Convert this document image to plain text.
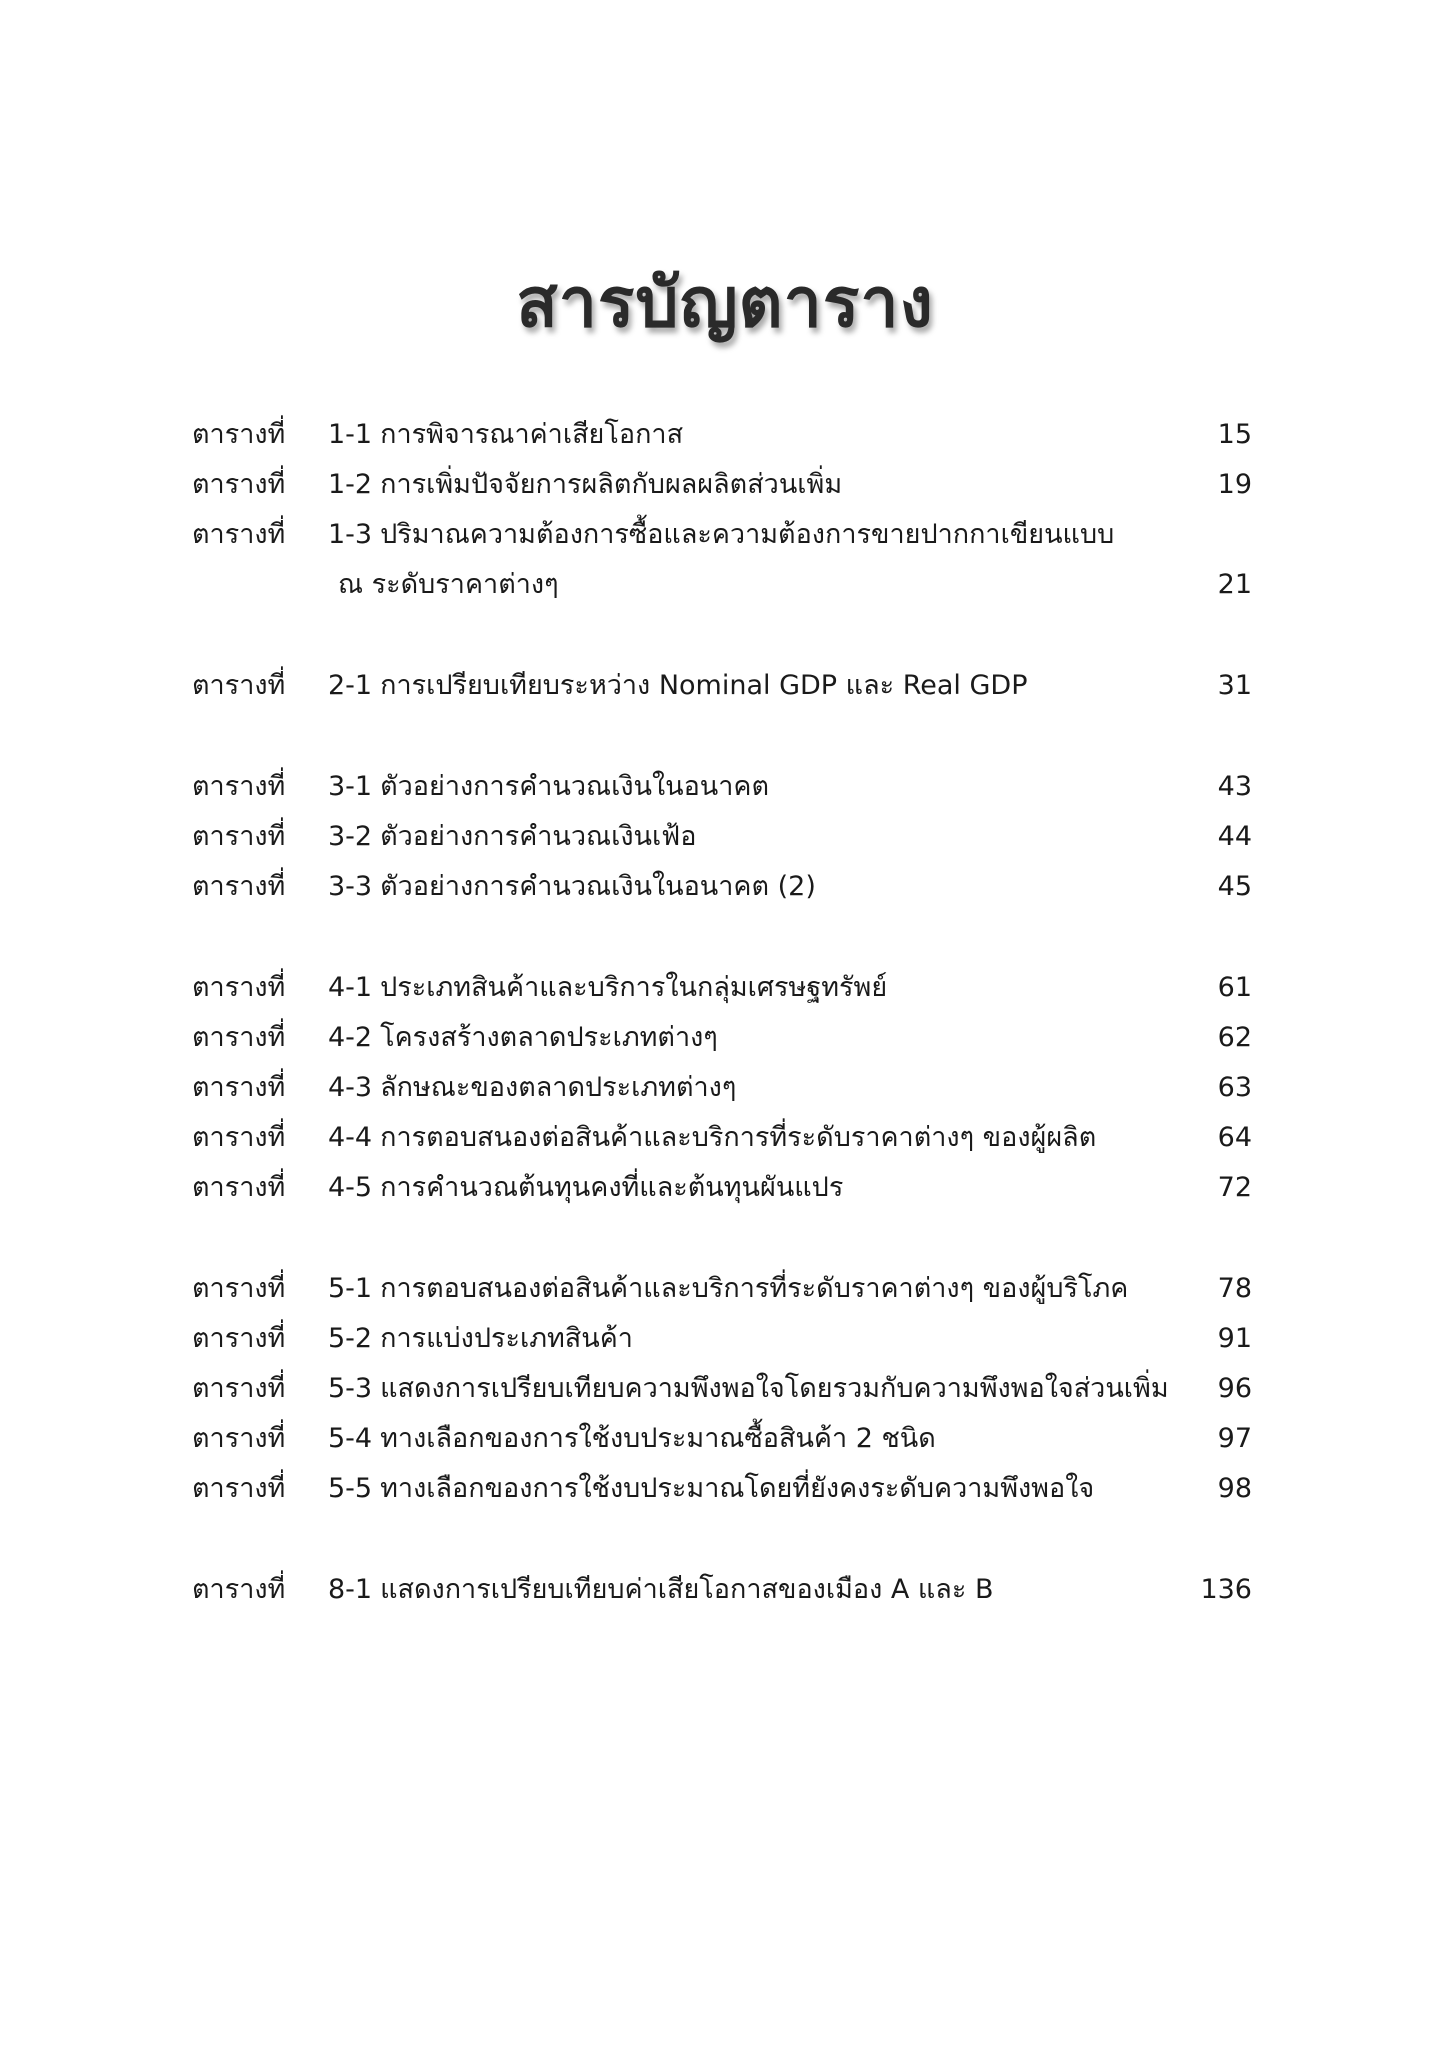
สารบัญตาราง
ตารางที่ 1-1 การพิจารณาค่าเสียโอกาส	15
ตารางที่ 1-2 การเพิ่มปัจจัยการผลิตกับผลผลิตส่วนเพิ่ม	19
ตารางที่ 1-3 ปริมาณความต้องการซื้อและความต้องการขายปากกาเขียนแบบ
ณ ระดับราคาต่างๆ	21
ตารางที่ 2-1 การเปรียบเทียบระหว่าง Nominal GDP และ Real GDP	31
ตารางที่ 3-1 ตัวอย่างการคำนวณเงินในอนาคต	43
ตารางที่ 3-2 ตัวอย่างการคำนวณเงินเฟ้อ	44
ตารางที่ 3-3 ตัวอย่างการคำนวณเงินในอนาคต (2)	45
ตารางที่ 4-1 ประเภทสินค้าและบริการในกลุ่มเศรษฐทรัพย์	61
ตารางที่ 4-2 โครงสร้างตลาดประเภทต่างๆ	62
ตารางที่ 4-3 ลักษณะของตลาดประเภทต่างๆ	63
ตารางที่ 4-4 การตอบสนองต่อสินค้าและบริการที่ระดับราคาต่างๆ ของผู้ผลิต	64
ตารางที่ 4-5 การคำนวณต้นทุนคงที่และต้นทุนผันแปร	72
ตารางที่ 5-1 การตอบสนองต่อสินค้าและบริการที่ระดับราคาต่างๆ ของผู้บริโภค	78
ตารางที่ 5-2 การแบ่งประเภทสินค้า	91
ตารางที่ 5-3 แสดงการเปรียบเทียบความพึงพอใจโดยรวมกับความพึงพอใจส่วนเพิ่ม 96
ตารางที่ 5-4 ทางเลือกของการใช้งบประมาณซื้อสินค้า 2 ชนิด	97
ตารางที่ 5-5 ทางเลือกของการใช้งบประมาณโดยที่ยังคงระดับความพึงพอใจ	98
ตารางที่ 8-1 แสดงการเปรียบเทียบค่าเสียโอกาสของเมือง A และ B	136
